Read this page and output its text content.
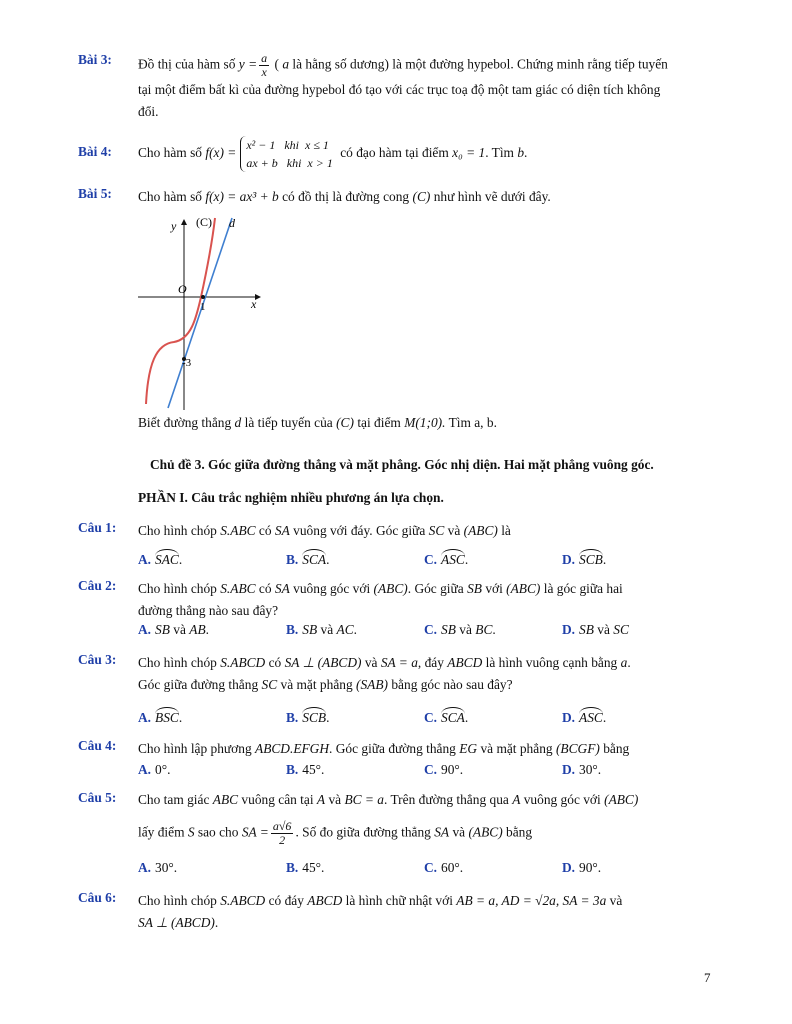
Bài 3: Đồ thị của hàm số $y = \frac{a}{x}$ ( a là hằng số dương) là một đường hypebol. Chứng minh rằng tiếp tuyến
tại một điểm bất kì của đường hypebol đó tạo với các trục toạ độ một tam giác có diện tích không
đổi.
Bài 4: Cho hàm số f(x) =x² − 1 khi x ≤ 1
ax + b khi x > 1 có đạo hàm tại điểm x₀ = 1. Tìm b.
Bài 5: Cho hàm số f(x) = ax³ + b có đồ thị là đường cong (C) như hình vẽ dưới đây.
y
x
(C) d
O
1
-3
Biết đường thẳng d là tiếp tuyến của (C) tại điểm M(1;0). Tìm a, b.
Chủ đề 3. Góc giữa đường thẳng và mặt phẳng. Góc nhị diện. Hai mặt phẳng vuông góc.
PHẦN I. Câu trắc nghiệm nhiều phương án lựa chọn.
Câu 1: Cho hình chóp S.ABC có SA vuông với đáy. Góc giữa SC và (ABC) là
A. SAC.	B. SCA.	C. ASC.	D. SCB.
Câu 2: Cho hình chóp S.ABC có SA vuông góc với (ABC). Góc giữa SB với (ABC) là góc giữa hai
đường thẳng nào sau đây?
A. SB và AB.	B. SB và AC.	C. SB và BC.	D. SB và SC
Câu 3: Cho hình chóp S.ABCD có SA ⊥ (ABCD) và SA = a, đáy ABCD là hình vuông cạnh bằng a.
Góc giữa đường thẳng SC và mặt phẳng (SAB) bằng góc nào sau đây?
A. BSC.	B. SCB.	C. SCA.	D. ASC.
Câu 4: Cho hình lập phương ABCD.EFGH. Góc giữa đường thẳng EG và mặt phẳng (BCGF) bằng
A. 0°.	B. 45°.	C. 90°.	D. 30°.
Câu 5: Cho tam giác ABC vuông cân tại A và BC = a. Trên đường thẳng qua A vuông góc với (ABC)
lấy điểm S sao cho SA = $\frac{a√6}{2}$ . Số đo giữa đường thẳng SA và (ABC) bằng
A. 30°.	B. 45°.	C. 60°.	D. 90°.
Câu 6: Cho hình chóp S.ABCD có đáy ABCD là hình chữ nhật với AB = a, AD = √2a, SA = 3a và
SA ⊥ (ABCD).
7
